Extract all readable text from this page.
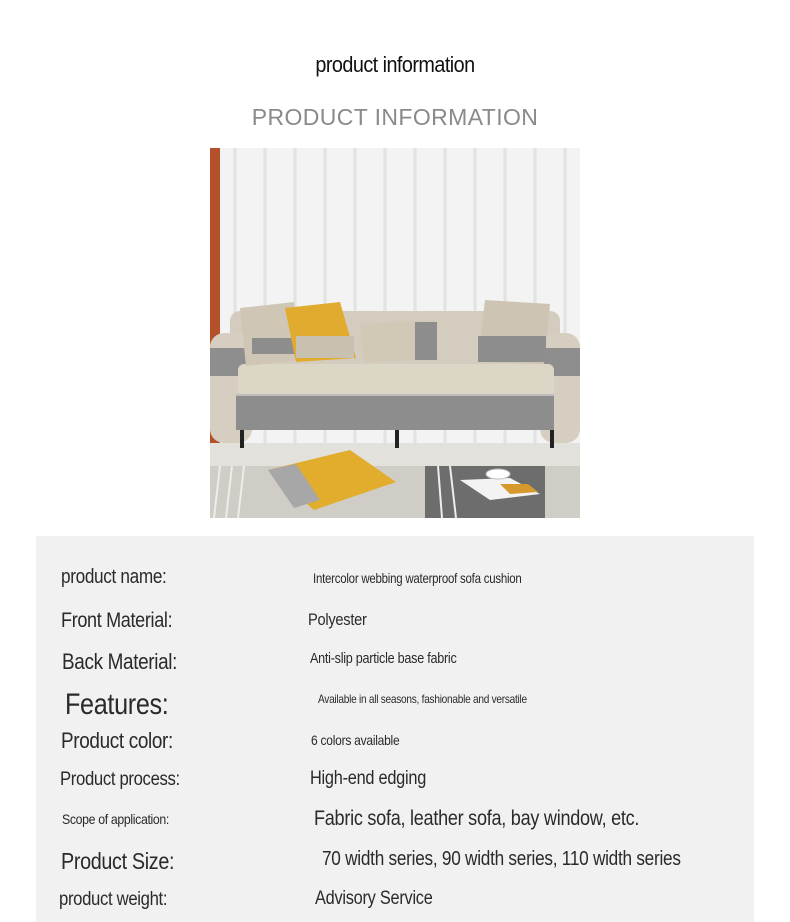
product information
PRODUCT INFORMATION
product name:	Intercolor webbing waterproof sofa cushion
Front Material:	Polyester
Back Material:	Anti-slip particle base fabric
Features:	Available in all seasons, fashionable and versatile
Product color:	6 colors available
Product process:	High-end edging
Scope of application:	Fabric sofa, leather sofa, bay window, etc.
Product Size:	70 width series, 90 width series, 110 width series
product weight:	Advisory Service
